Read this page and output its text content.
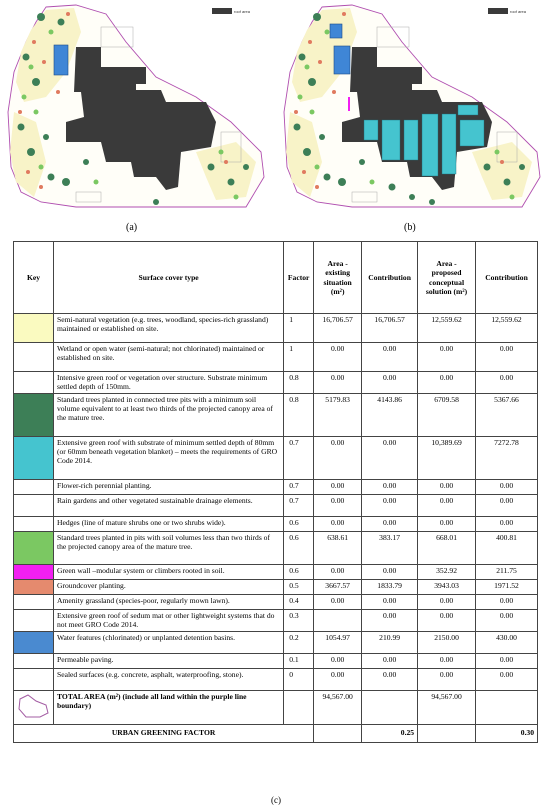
roof area
(a)
roof area
(b)
Key	Surface cover type	Factor	Area - existing situation (m²)	Contribution	Area - proposed conceptual solution (m²)	Contribution
	Semi-natural vegetation (e.g. trees, woodland, species-rich grassland) maintained or established on site.	1	16,706.57	16,706.57	12,559.62	12,559.62
	Wetland or open water (semi-natural; not chlorinated) maintained or established on site.	1	0.00	0.00	0.00	0.00
	Intensive green roof or vegetation over structure. Substrate minimum settled depth of 150mm.	0.8	0.00	0.00	0.00	0.00
	Standard trees planted in connected tree pits with a minimum soil volume equivalent to at least two thirds of the projected canopy area of the mature tree.	0.8	5179.83	4143.86	6709.58	5367.66
	Extensive green roof with substrate of minimum settled depth of 80mm (or 60mm beneath vegetation blanket) – meets the requirements of GRO Code 2014.	0.7	0.00	0.00	10,389.69	7272.78
	Flower-rich perennial planting.	0.7	0.00	0.00	0.00	0.00
	Rain gardens and other vegetated sustainable drainage elements.	0.7	0.00	0.00	0.00	0.00
	Hedges (line of mature shrubs one or two shrubs wide).	0.6	0.00	0.00	0.00	0.00
	Standard trees planted in pits with soil volumes less than two thirds of the projected canopy area of the mature tree.	0.6	638.61	383.17	668.01	400.81
	Green wall –modular system or climbers rooted in soil.	0.6	0.00	0.00	352.92	211.75
	Groundcover planting.	0.5	3667.57	1833.79	3943.03	1971.52
	Amenity grassland (species-poor, regularly mown lawn).	0.4	0.00	0.00	0.00	0.00
	Extensive green roof of sedum mat or other lightweight systems that do not meet GRO Code 2014.	0.3		0.00	0.00	0.00
	Water features (chlorinated) or unplanted detention basins.	0.2	1054.97	210.99	2150.00	430.00
	Permeable paving.	0.1	0.00	0.00	0.00	0.00
	Sealed surfaces (e.g. concrete, asphalt, waterproofing, stone).	0	0.00	0.00	0.00	0.00
	TOTAL AREA (m²) (include all land within the purple line boundary)		94,567.00		94,567.00	
URBAN GREENING FACTOR				0.25		0.30
(c)
